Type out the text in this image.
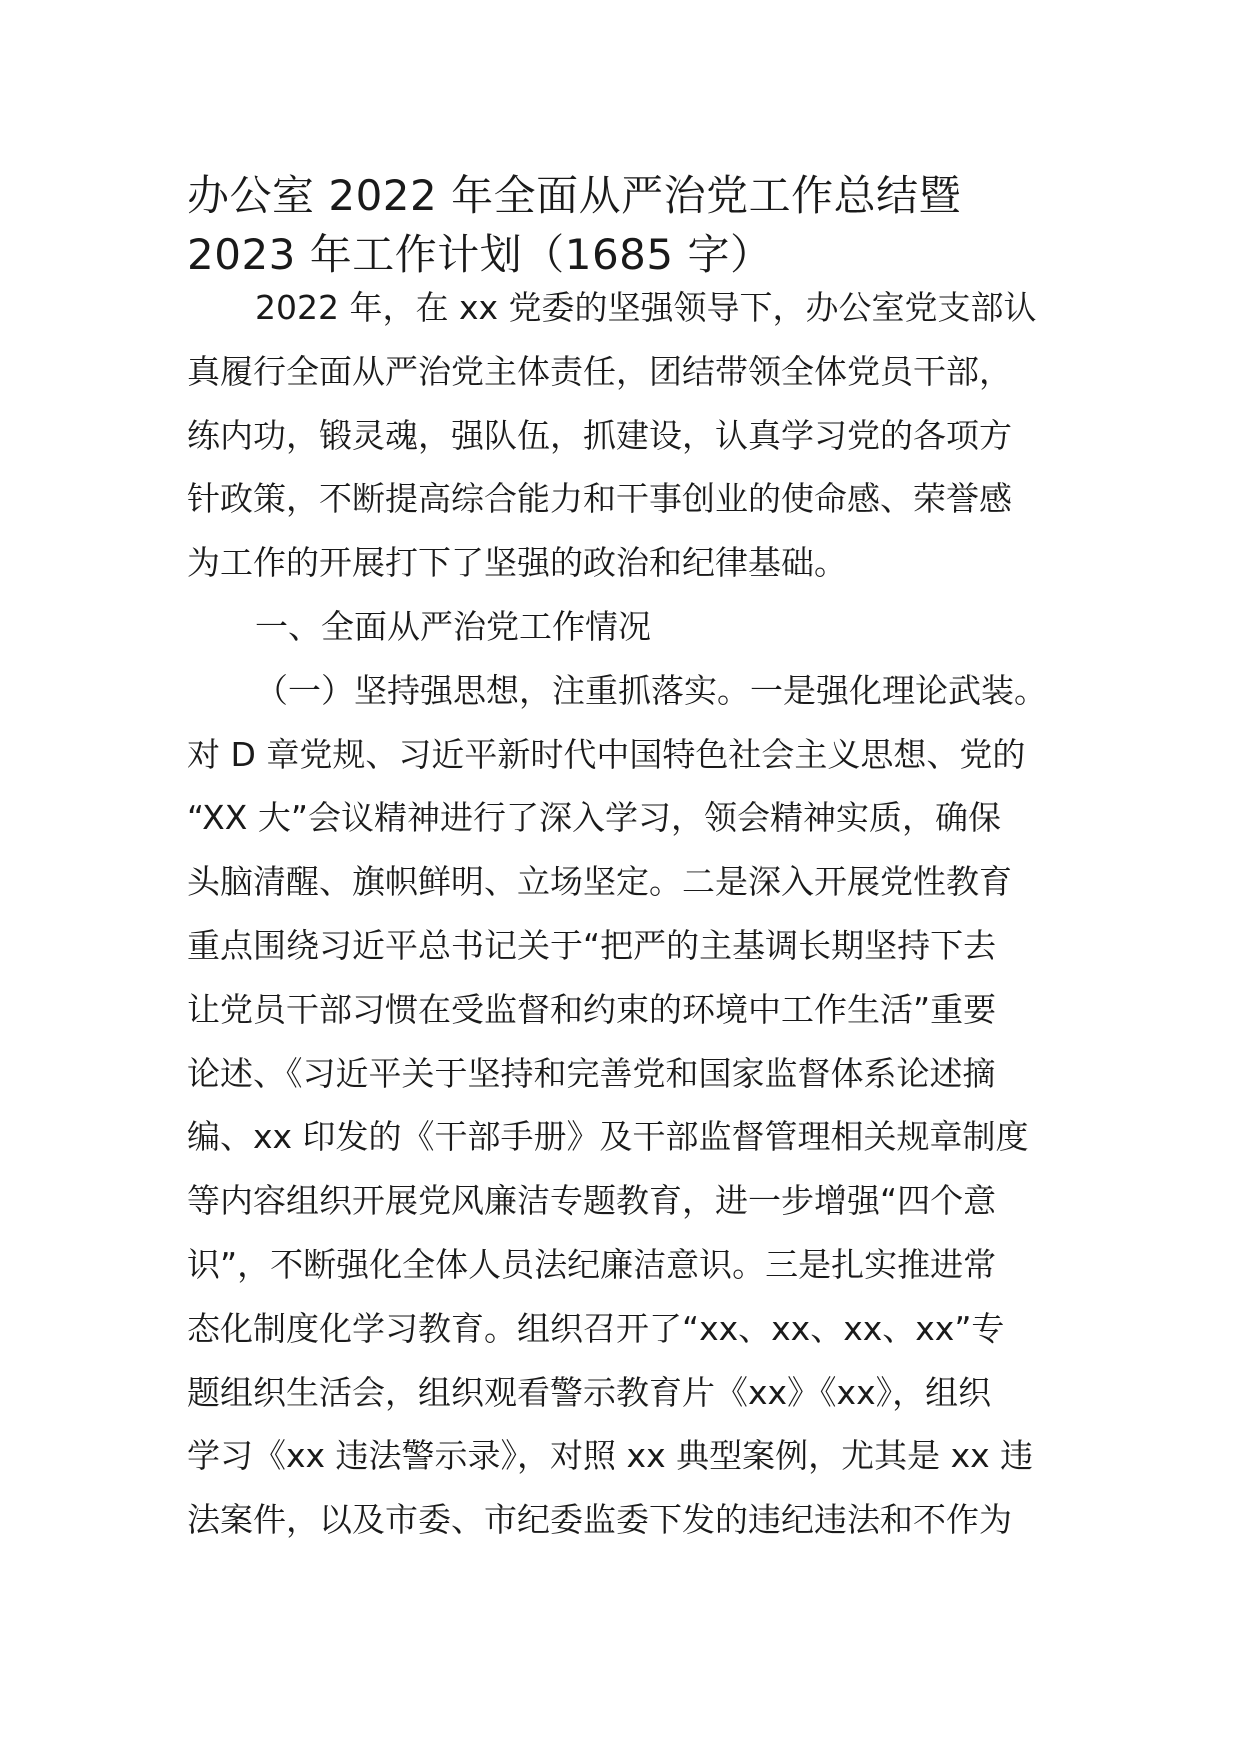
办公室 2022 年全面从严治党工作总结暨
2023 年工作计划（1685 字）
2022 年，在 xx 党委的坚强领导下，办公室党支部认
真履行全面从严治党主体责任，团结带领全体党员干部，
练内功，锻灵魂，强队伍，抓建设，认真学习党的各项方
针政策，不断提高综合能力和干事创业的使命感、荣誉感
为工作的开展打下了坚强的政治和纪律基础。
一、全面从严治党工作情况
（一）坚持强思想，注重抓落实。一是强化理论武装。
对 D 章党规、习近平新时代中国特色社会主义思想、党的
“XX 大”会议精神进行了深入学习，领会精神实质，确保
头脑清醒、旗帜鲜明、立场坚定。二是深入开展党性教育
重点围绕习近平总书记关于“把严的主基调长期坚持下去
让党员干部习惯在受监督和约束的环境中工作生活”重要
论述、《习近平关于坚持和完善党和国家监督体系论述摘
编、xx 印发的《干部手册》及干部监督管理相关规章制度
等内容组织开展党风廉洁专题教育，进一步增强“四个意
识”，不断强化全体人员法纪廉洁意识。三是扎实推进常
态化制度化学习教育。组织召开了“xx、xx、xx、xx”专
题组织生活会，组织观看警示教育片《xx》《xx》，组织
学习《xx 违法警示录》，对照 xx 典型案例，尤其是 xx 违
法案件，以及市委、市纪委监委下发的违纪违法和不作为
